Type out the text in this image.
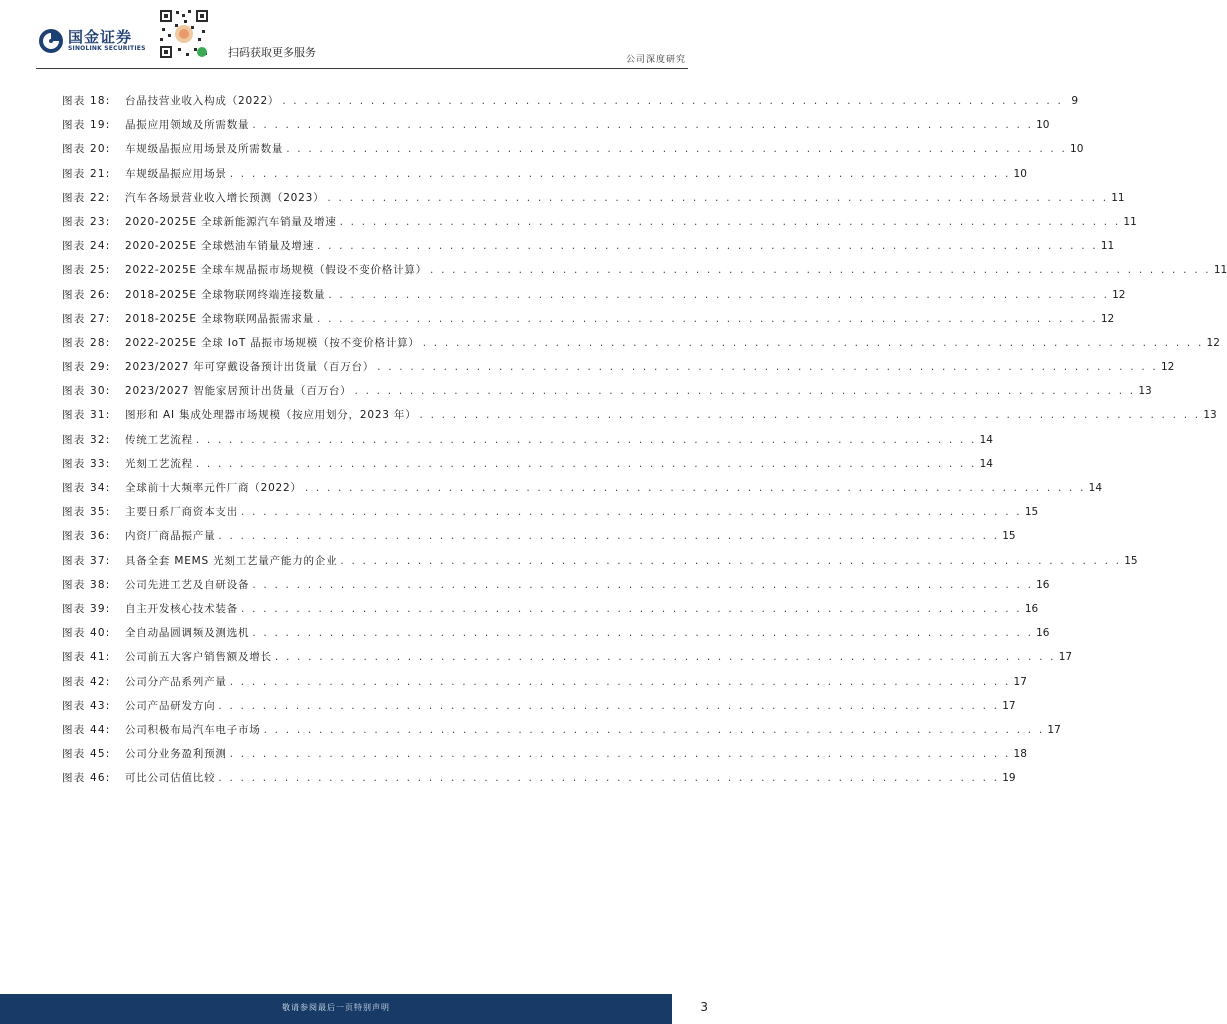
国金证券
SINOLINK SECURITIES	扫码获取更多服务
公司深度研究
图表 18:	台晶技营业收入构成（2022） . . . . . . . . . . . . . . . . . . . . . . . . . . . . . . . . . . . . . . . . . . . . . . . . . . . . . . . . . . . . . . . . . . . . . . . 9
图表 19:	晶振应用领域及所需数量 . . . . . . . . . . . . . . . . . . . . . . . . . . . . . . . . . . . . . . . . . . . . . . . . . . . . . . . . . . . . . . . . . . . . . . . 10
图表 20:	车规级晶振应用场景及所需数量 . . . . . . . . . . . . . . . . . . . . . . . . . . . . . . . . . . . . . . . . . . . . . . . . . . . . . . . . . . . . . . . . . . . . . . . 10
图表 21:	车规级晶振应用场景 . . . . . . . . . . . . . . . . . . . . . . . . . . . . . . . . . . . . . . . . . . . . . . . . . . . . . . . . . . . . . . . . . . . . . . . 10
图表 22:	汽车各场景营业收入增长预测（2023） . . . . . . . . . . . . . . . . . . . . . . . . . . . . . . . . . . . . . . . . . . . . . . . . . . . . . . . . . . . . . . . . . . . . . . . 11
图表 23:	2020-2025E 全球新能源汽车销量及增速 . . . . . . . . . . . . . . . . . . . . . . . . . . . . . . . . . . . . . . . . . . . . . . . . . . . . . . . . . . . . . . . . . . . . . . . 11
图表 24:	2020-2025E 全球燃油车销量及增速 . . . . . . . . . . . . . . . . . . . . . . . . . . . . . . . . . . . . . . . . . . . . . . . . . . . . . . . . . . . . . . . . . . . . . . . 11
图表 25:	2022-2025E 全球车规晶振市场规模（假设不变价格计算） . . . . . . . . . . . . . . . . . . . . . . . . . . . . . . . . . . . . . . . . . . . . . . . . . . . . . . . . . . . . . . . . . . . . . . . 11
图表 26:	2018-2025E 全球物联网终端连接数量 . . . . . . . . . . . . . . . . . . . . . . . . . . . . . . . . . . . . . . . . . . . . . . . . . . . . . . . . . . . . . . . . . . . . . . . 12
图表 27:	2018-2025E 全球物联网晶振需求量 . . . . . . . . . . . . . . . . . . . . . . . . . . . . . . . . . . . . . . . . . . . . . . . . . . . . . . . . . . . . . . . . . . . . . . . 12
图表 28:	2022-2025E 全球 IoT 晶振市场规模（按不变价格计算） . . . . . . . . . . . . . . . . . . . . . . . . . . . . . . . . . . . . . . . . . . . . . . . . . . . . . . . . . . . . . . . . . . . . . . . 12
图表 29:	2023/2027 年可穿戴设备预计出货量（百万台） . . . . . . . . . . . . . . . . . . . . . . . . . . . . . . . . . . . . . . . . . . . . . . . . . . . . . . . . . . . . . . . . . . . . . . . 12
图表 30:	2023/2027 智能家居预计出货量（百万台） . . . . . . . . . . . . . . . . . . . . . . . . . . . . . . . . . . . . . . . . . . . . . . . . . . . . . . . . . . . . . . . . . . . . . . . 13
图表 31:	图形和 AI 集成处理器市场规模（按应用划分，2023 年） . . . . . . . . . . . . . . . . . . . . . . . . . . . . . . . . . . . . . . . . . . . . . . . . . . . . . . . . . . . . . . . . . . . . . . . 13
图表 32:	传统工艺流程 . . . . . . . . . . . . . . . . . . . . . . . . . . . . . . . . . . . . . . . . . . . . . . . . . . . . . . . . . . . . . . . . . . . . . . . 14
图表 33:	光刻工艺流程 . . . . . . . . . . . . . . . . . . . . . . . . . . . . . . . . . . . . . . . . . . . . . . . . . . . . . . . . . . . . . . . . . . . . . . . 14
图表 34:	全球前十大频率元件厂商（2022） . . . . . . . . . . . . . . . . . . . . . . . . . . . . . . . . . . . . . . . . . . . . . . . . . . . . . . . . . . . . . . . . . . . . . . . 14
图表 35:	主要日系厂商资本支出 . . . . . . . . . . . . . . . . . . . . . . . . . . . . . . . . . . . . . . . . . . . . . . . . . . . . . . . . . . . . . . . . . . . . . . . 15
图表 36:	内资厂商晶振产量 . . . . . . . . . . . . . . . . . . . . . . . . . . . . . . . . . . . . . . . . . . . . . . . . . . . . . . . . . . . . . . . . . . . . . . . 15
图表 37:	具备全套 MEMS 光刻工艺量产能力的企业 . . . . . . . . . . . . . . . . . . . . . . . . . . . . . . . . . . . . . . . . . . . . . . . . . . . . . . . . . . . . . . . . . . . . . . . 15
图表 38:	公司先进工艺及自研设备 . . . . . . . . . . . . . . . . . . . . . . . . . . . . . . . . . . . . . . . . . . . . . . . . . . . . . . . . . . . . . . . . . . . . . . . 16
图表 39:	自主开发核心技术装备 . . . . . . . . . . . . . . . . . . . . . . . . . . . . . . . . . . . . . . . . . . . . . . . . . . . . . . . . . . . . . . . . . . . . . . . 16
图表 40:	全自动晶圆调频及测选机 . . . . . . . . . . . . . . . . . . . . . . . . . . . . . . . . . . . . . . . . . . . . . . . . . . . . . . . . . . . . . . . . . . . . . . . 16
图表 41:	公司前五大客户销售额及增长 . . . . . . . . . . . . . . . . . . . . . . . . . . . . . . . . . . . . . . . . . . . . . . . . . . . . . . . . . . . . . . . . . . . . . . . 17
图表 42:	公司分产品系列产量 . . . . . . . . . . . . . . . . . . . . . . . . . . . . . . . . . . . . . . . . . . . . . . . . . . . . . . . . . . . . . . . . . . . . . . . 17
图表 43:	公司产品研发方向 . . . . . . . . . . . . . . . . . . . . . . . . . . . . . . . . . . . . . . . . . . . . . . . . . . . . . . . . . . . . . . . . . . . . . . . 17
图表 44:	公司积极布局汽车电子市场 . . . . . . . . . . . . . . . . . . . . . . . . . . . . . . . . . . . . . . . . . . . . . . . . . . . . . . . . . . . . . . . . . . . . . . . 17
图表 45:	公司分业务盈利预测 . . . . . . . . . . . . . . . . . . . . . . . . . . . . . . . . . . . . . . . . . . . . . . . . . . . . . . . . . . . . . . . . . . . . . . . 18
图表 46:	可比公司估值比较 . . . . . . . . . . . . . . . . . . . . . . . . . . . . . . . . . . . . . . . . . . . . . . . . . . . . . . . . . . . . . . . . . . . . . . . 19
敬请参阅最后一页特别声明	3
